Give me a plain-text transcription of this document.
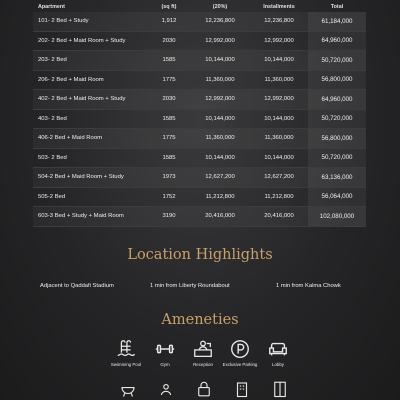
Apartment	(sq ft)	(20%)	Installments	Total
101- 2 Bed + Study	1,912	12,236,800	12,236,800	61,184,000
202- 2 Bed + Maid Room + Study	2030	12,992,000	12,992,000	64,960,000
203- 2 Bed	1585	10,144,000	10,144,000	50,720,000
206- 2 Bed + Maid Room	1775	11,360,000	11,360,000	56,800,000
402- 2 Bed + Maid Room + Study	2030	12,992,000	12,992,000	64,960,000
403- 2 Bed	1585	10,144,000	10,144,000	50,720,000
406-2 Bed + Maid Room	1775	11,360,000	11,360,000	56,800,000
503- 2 Bed	1585	10,144,000	10,144,000	50,720,000
504-2 Bed + Maid Room + Study	1973	12,627,200	12,627,200	63,136,000
505-2 Bed	1752	11,212,800	11,212,800	56,064,000
603-3 Bed + Study + Maid Room	3190	20,416,000	20,416,000	102,080,000
Location Highlights
Adjacent to Qaddafi Stadium	1 min from Liberty Roundabout	1 min from Kalma Chowk
Ameneties
Swimming Pool	Gym	Reception	Exclusive Parking	Lobby
